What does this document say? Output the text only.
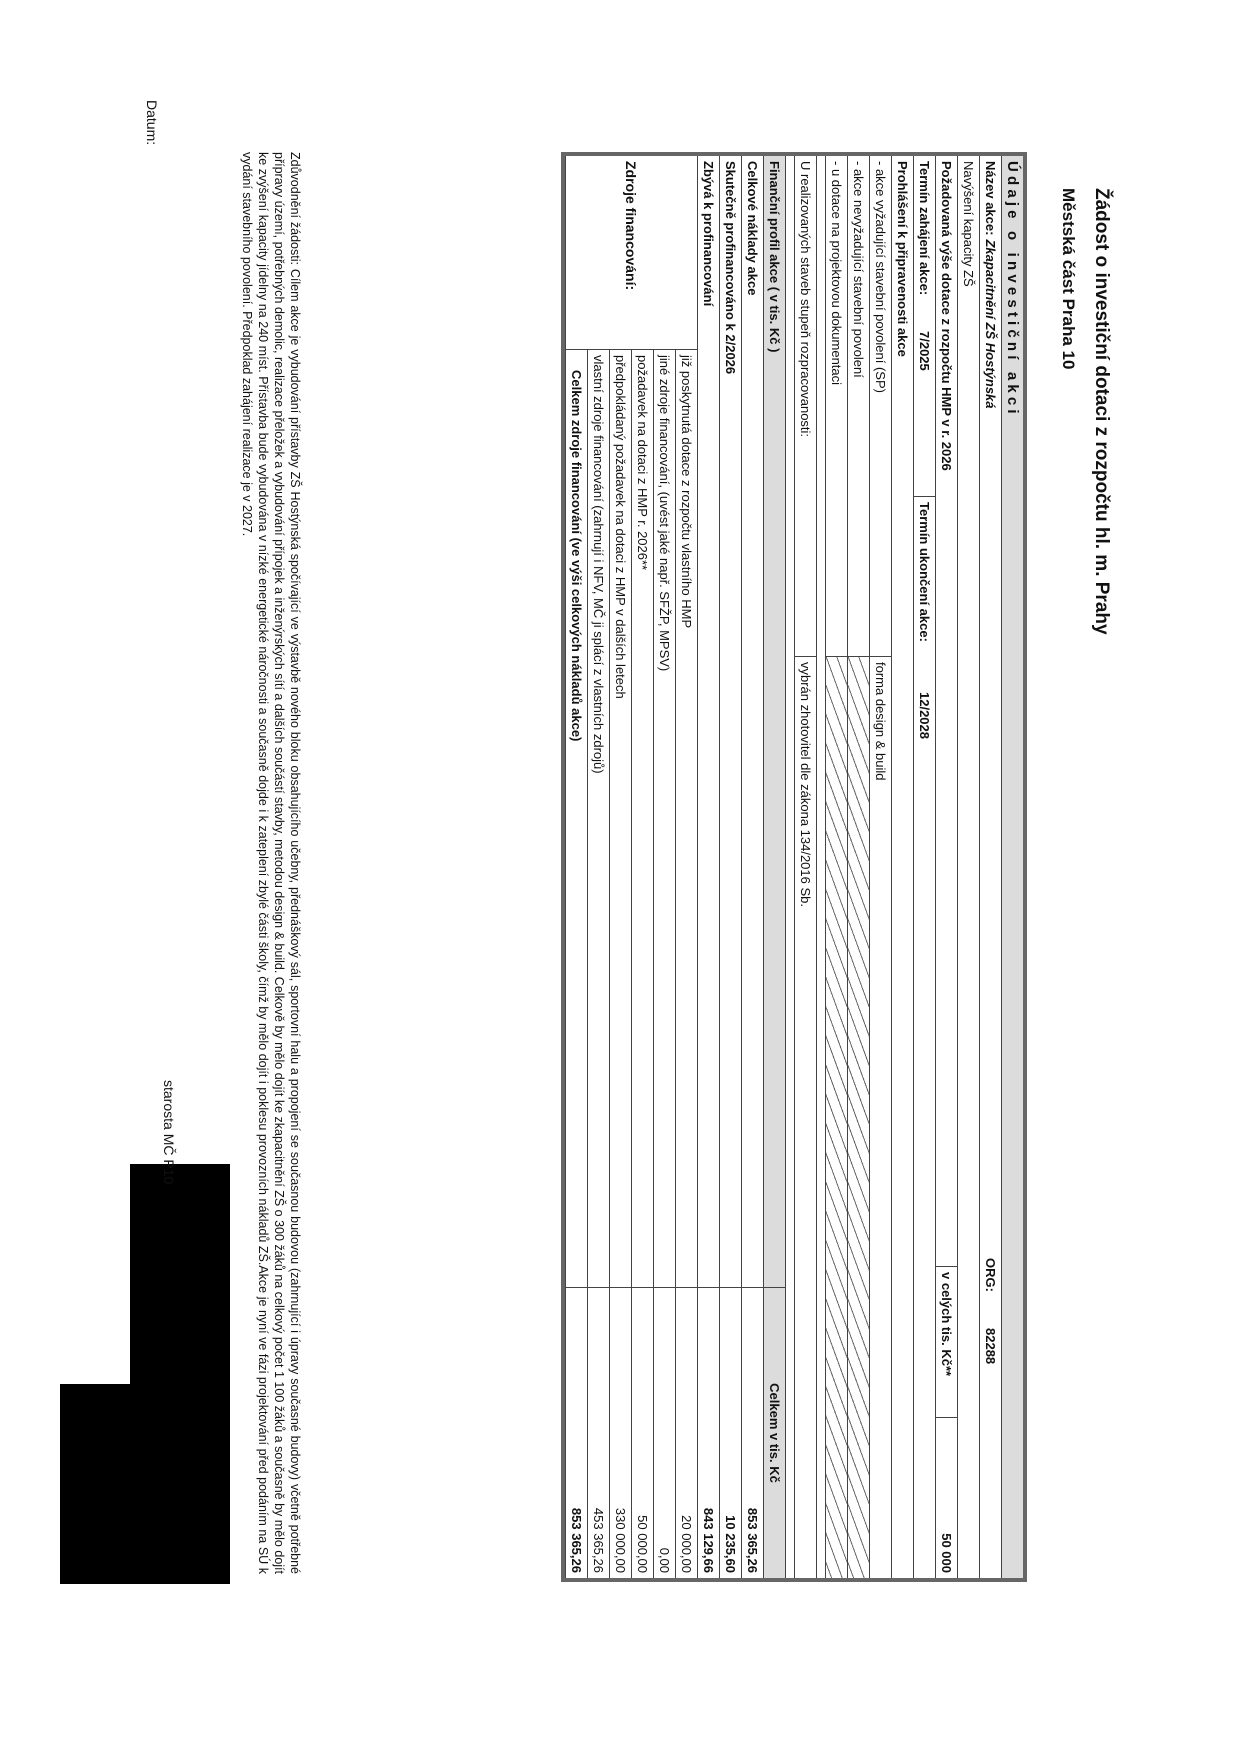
Žádost o investiční dotaci z rozpočtu hl. m. Prahy
Městská část Praha 10
Ú d a j e   o   i n v e s t i č n í   a k c i
Název akce:
Zkapacitnění ZŠ Hostýnská
ORG:
82288
Navýšení kapacity ZŠ
Požadovaná výše dotace z rozpočtu HMP v r. 2026
v celých tis. Kč**
50 000
Termín zahájení akce:
7/2025
Termín ukončení akce:
12/2028
Prohlášení k připravenosti akce
- akce vyžadující stavební povolení (SP)
forma design & build
- akce nevyžadující stavební povolení
- u dotace na projektovou dokumentaci
U realizovaných staveb stupeň rozpracovanosti:
vybrán zhotovitel dle zákona 134/2016 Sb.
Finanční profil akce ( v tis. Kč )
Celkem v tis. Kč
Celkové náklady akce
853 365,26
Skutečně profinancováno k 2/2026
10 235,60
Zbývá k profinancování
843 129,66
Zdroje financování:
již poskytnutá dotace z rozpočtu vlastního HMP
20 000,00
jiné zdroje financování, (uvést jaké např. SFŽP, MPSV)
0,00
požadavek na dotaci z HMP r. 2026**
50 000,00
předpokládaný požadavek na dotaci z HMP v dalších letech
330 000,00
vlastní zdroje financování (zahrnují i NFV, MČ ji splácí z vlastních zdrojů)
453 365,26
Celkem zdroje financování (ve výši celkových nákladů akce)
853 365,26
Zdůvodnění žádosti: Cílem akce je vybudování přístavby ZŠ Hostýnská spočívající ve výstavbě nového bloku obsahujícího učebny, přednáškový sál, sportovní halu a propojení se současnou budovou (zahrnující i úpravy současné budovy) včetně potřebné přípravy území, potřebných demolic, realizace přeložek a vybudování přípojek a inženýrských sítí a dalších součástí stavby, metodou design & build. Celkově by mělo dojít ke zkapacitnění ZŠ o 300 žáků na celkový počet 1 100 žáků a současně by mělo dojít ke zvýšení kapacity jídelny na 240 míst. Přístavba bude vybudována v nízké energetické náročnosti a současně dojde i k zateplení zbylé části školy, čímž by mělo dojít i poklesu provozních nákladů ZŠ.Akce je nyní ve fázi projektování před podáním na SÚ k vydání stavebního povolení. Předpoklad zahájení realizace je v 2027.
Datum:
starosta MČ P10
